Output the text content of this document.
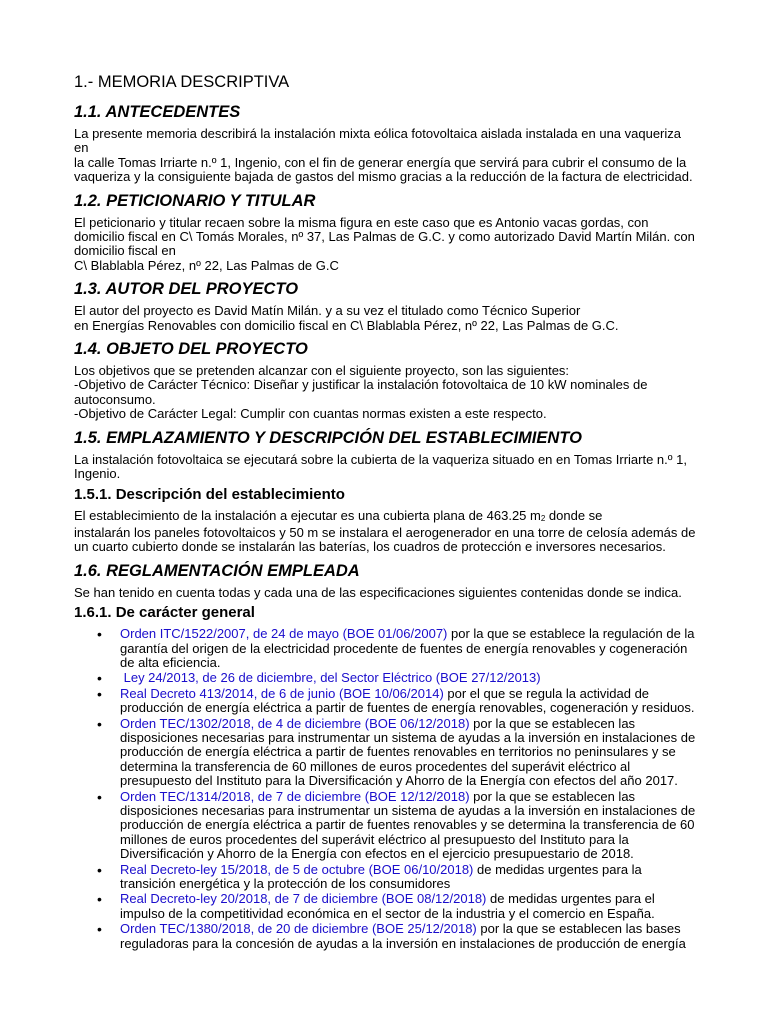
1.- MEMORIA DESCRIPTIVA
1.1. ANTECEDENTES

La presente memoria describirá la instalación mixta eólica fotovoltaica aislada instalada en una vaqueriza en
la calle Tomas Irriarte n.º 1, Ingenio, con el fin de generar energía que servirá para cubrir el consumo de la
vaqueriza y la consiguiente bajada de gastos del mismo gracias a la reducción de la factura de electricidad.

1.2. PETICIONARIO Y TITULAR

El peticionario y titular recaen sobre la misma figura en este caso que es Antonio vacas gordas, con
domicilio fiscal en C\ Tomás Morales, nº 37, Las Palmas de G.C. y como autorizado David Martín Milán. con
domicilio fiscal en
C\ Blablabla Pérez, nº 22, Las Palmas de G.C

1.3. AUTOR DEL PROYECTO

El autor del proyecto es David Matín Milán. y a su vez el titulado como Técnico Superior
en Energías Renovables con domicilio fiscal en C\ Blablabla Pérez, nº 22, Las Palmas de G.C.

1.4. OBJETO DEL PROYECTO

Los objetivos que se pretenden alcanzar con el siguiente proyecto, son las siguientes:
-Objetivo de Carácter Técnico: Diseñar y justificar la instalación fotovoltaica de 10 kW nominales de
autoconsumo.
-Objetivo de Carácter Legal: Cumplir con cuantas normas existen a este respecto.

1.5. EMPLAZAMIENTO Y DESCRIPCIÓN DEL ESTABLECIMIENTO

La instalación fotovoltaica se ejecutará sobre la cubierta de la vaqueriza situado en en Tomas Irriarte n.º 1,
Ingenio.

1.5.1. Descripción del establecimiento

El establecimiento de la instalación a ejecutar es una cubierta plana de 463.25 m2 donde se
instalarán los paneles fotovoltaicos y 50 m se instalara el aerogenerador en una torre de celosía además de
un cuarto cubierto donde se instalarán las baterías, los cuadros de protección e inversores necesarios.

1.6. REGLAMENTACIÓN EMPLEADA

Se han tenido en cuenta todas y cada una de las especificaciones siguientes contenidas donde se indica.

1.6.1. De carácter general
• Orden ITC/1522/2007, de 24 de mayo (BOE 01/06/2007) por la que se establece la regulación de la garantía del origen de la electricidad procedente de fuentes de energía renovables y cogeneración de alta eficiencia.
•  Ley 24/2013, de 26 de diciembre, del Sector Eléctrico (BOE 27/12/2013)
• Real Decreto 413/2014, de 6 de junio (BOE 10/06/2014) por el que se regula la actividad de producción de energía eléctrica a partir de fuentes de energía renovables, cogeneración y residuos.
• Orden TEC/1302/2018, de 4 de diciembre (BOE 06/12/2018) por la que se establecen las disposiciones necesarias para instrumentar un sistema de ayudas a la inversión en instalaciones de producción de energía eléctrica a partir de fuentes renovables en territorios no peninsulares y se determina la transferencia de 60 millones de euros procedentes del superávit eléctrico al presupuesto del Instituto para la Diversificación y Ahorro de la Energía con efectos del año 2017.
• Orden TEC/1314/2018, de 7 de diciembre (BOE 12/12/2018) por la que se establecen las disposiciones necesarias para instrumentar un sistema de ayudas a la inversión en instalaciones de producción de energía eléctrica a partir de fuentes renovables y se determina la transferencia de 60 millones de euros procedentes del superávit eléctrico al presupuesto del Instituto para la Diversificación y Ahorro de la Energía con efectos en el ejercicio presupuestario de 2018.
• Real Decreto-ley 15/2018, de 5 de octubre (BOE 06/10/2018) de medidas urgentes para la transición energética y la protección de los consumidores
• Real Decreto-ley 20/2018, de 7 de diciembre (BOE 08/12/2018) de medidas urgentes para el impulso de la competitividad económica en el sector de la industria y el comercio en España.
• Orden TEC/1380/2018, de 20 de diciembre (BOE 25/12/2018) por la que se establecen las bases reguladoras para la concesión de ayudas a la inversión en instalaciones de producción de energía
